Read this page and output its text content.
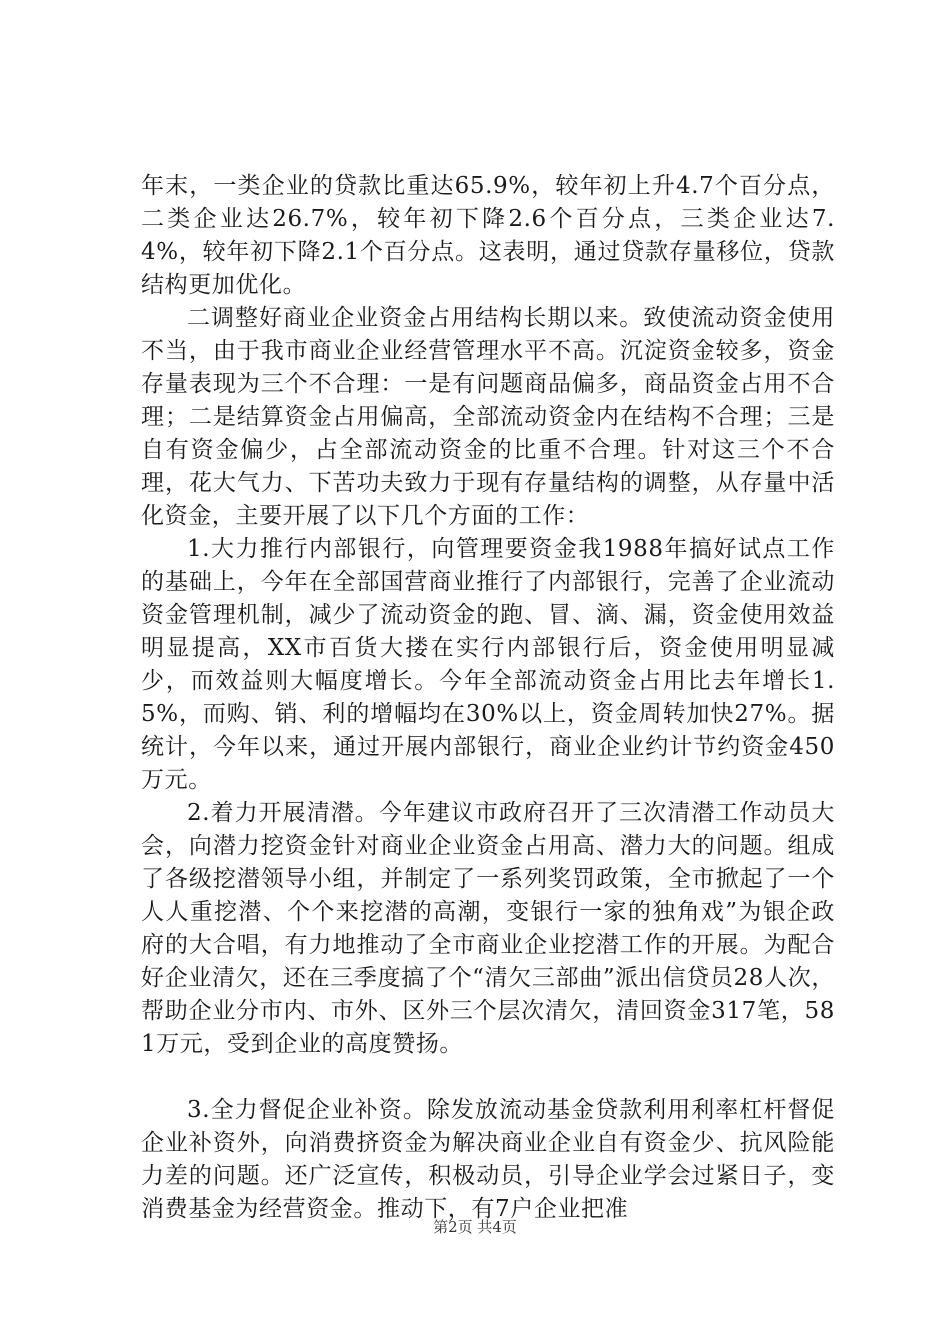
年末，一类企业的贷款比重达65.9%，较年初上升4.7个百分点，二类企业达26.7%，较年初下降2.6个百分点，三类企业达7.4%，较年初下降2.1个百分点。这表明，通过贷款存量移位，贷款结构更加优化。

二调整好商业企业资金占用结构长期以来。致使流动资金使用不当，由于我市商业企业经营管理水平不高。沉淀资金较多，资金存量表现为三个不合理：一是有问题商品偏多，商品资金占用不合理；二是结算资金占用偏高，全部流动资金内在结构不合理；三是自有资金偏少，占全部流动资金的比重不合理。针对这三个不合理，花大气力、下苦功夫致力于现有存量结构的调整，从存量中活化资金，主要开展了以下几个方面的工作：

1.大力推行内部银行，向管理要资金我1988年搞好试点工作的基础上，今年在全部国营商业推行了内部银行，完善了企业流动资金管理机制，减少了流动资金的跑、冒、滴、漏，资金使用效益明显提高，XX市百货大搂在实行内部银行后，资金使用明显减少，而效益则大幅度增长。今年全部流动资金占用比去年增长1.5%，而购、销、利的增幅均在30%以上，资金周转加快27%。据统计，今年以来，通过开展内部银行，商业企业约计节约资金450万元。

2.着力开展清潜。今年建议市政府召开了三次清潜工作动员大会，向潜力挖资金针对商业企业资金占用高、潜力大的问题。组成了各级挖潜领导小组，并制定了一系列奖罚政策，全市掀起了一个人人重挖潜、个个来挖潜的高潮，变银行一家的独角戏”为银企政府的大合唱，有力地推动了全市商业企业挖潜工作的开展。为配合好企业清欠，还在三季度搞了个“清欠三部曲”派出信贷员28人次，帮助企业分市内、市外、区外三个层次清欠，清回资金317笔，581万元，受到企业的高度赞扬。

3.全力督促企业补资。除发放流动基金贷款利用利率杠杆督促企业补资外，向消费挤资金为解决商业企业自有资金少、抗风险能力差的问题。还广泛宣传，积极动员，引导企业学会过紧日子，变消费基金为经营资金。推动下，有7户企业把准

第2页 共4页
